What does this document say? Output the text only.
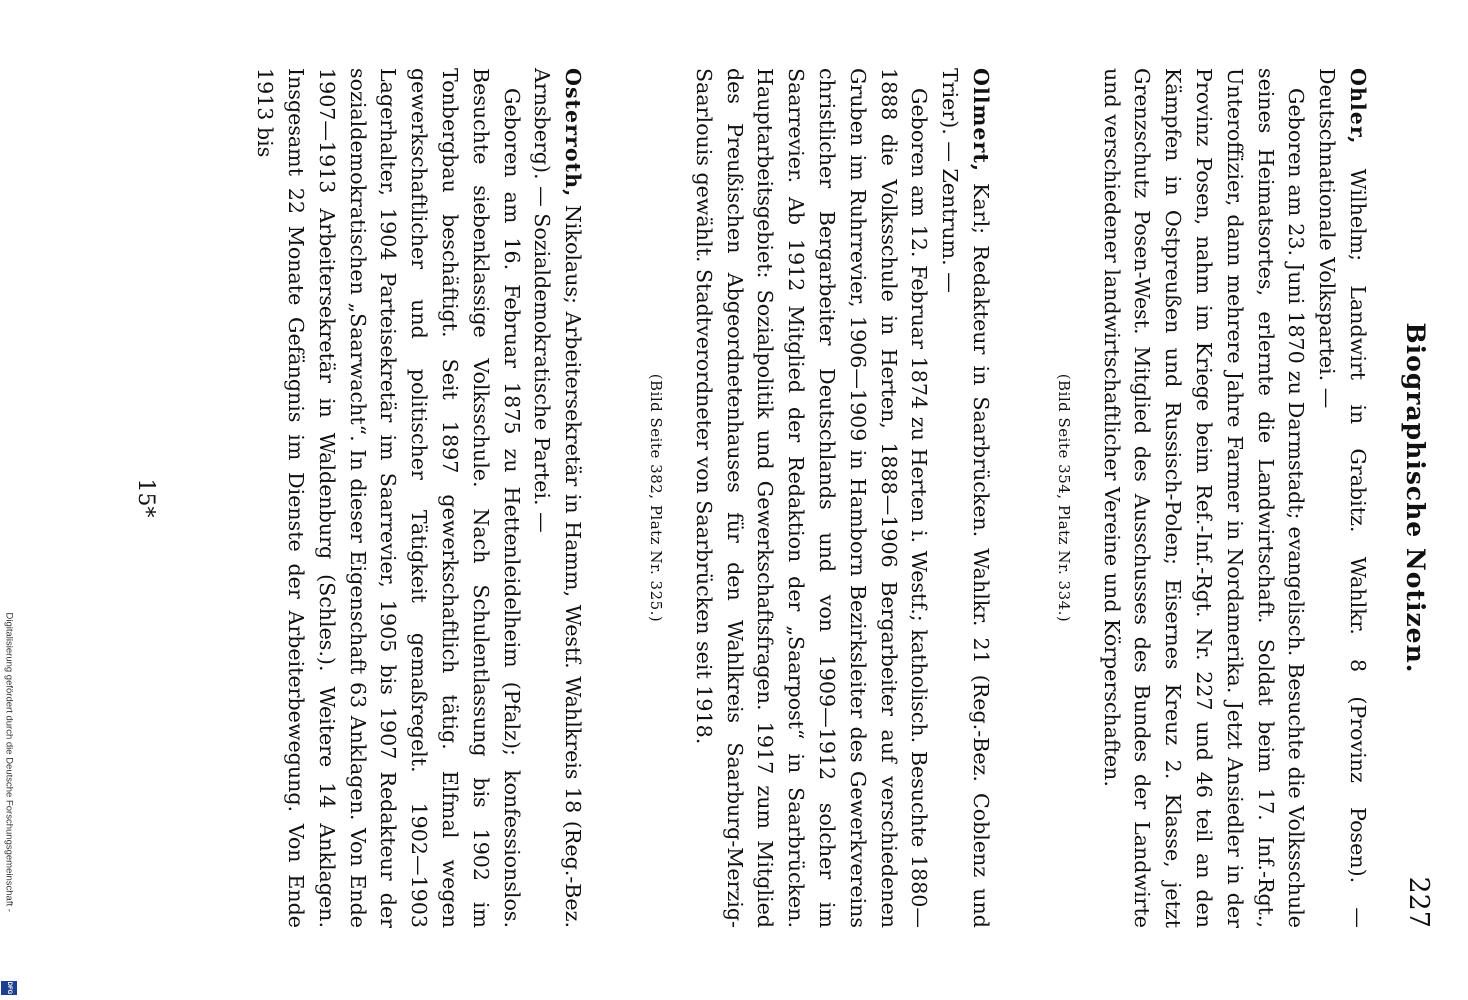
Biographische Notizen.
227

Ohler, Wilhelm; Landwirt in Grabitz. Wahlkr. 8 (Provinz Posen). — Deutschnationale Volkspartei. —

Geboren am 23. Juni 1870 zu Darmstadt; evangelisch. Besuchte die Volksschule seines Heimatsortes, erlernte die Landwirtschaft. Soldat beim 17. Inf.-Rgt., Unteroffizier, dann mehrere Jahre Farmer in Nordamerika. Jetzt Ansiedler in der Provinz Posen, nahm im Kriege beim Ref.-Inf.-Rgt. Nr. 227 und 46 teil an den Kämpfen in Ostpreußen und Russisch-Polen; Eisernes Kreuz 2. Klasse, jetzt Grenzschutz Posen-West. Mitglied des Ausschusses des Bundes der Landwirte und verschiedener landwirtschaftlicher Vereine und Körperschaften.

(Bild Seite 354, Platz Nr. 334.)

Ollmert, Karl; Redakteur in Saarbrücken. Wahlkr. 21 (Reg.-Bez. Coblenz und Trier). — Zentrum. —

Geboren am 12. Februar 1874 zu Herten i. Westf.; katholisch. Besuchte 1880—1888 die Volksschule in Herten, 1888—1906 Bergarbeiter auf verschiedenen Gruben im Ruhrrevier, 1906—1909 in Hamborn Bezirksleiter des Gewerkvereins christlicher Bergarbeiter Deutschlands und von 1909—1912 solcher im Saarrevier. Ab 1912 Mitglied der Redaktion der „Saarpost“ in Saarbrücken. Hauptarbeitsgebiet: Sozialpolitik und Gewerkschaftsfragen. 1917 zum Mitglied des Preußischen Abgeordnetenhauses für den Wahlkreis Saarburg-Merzig-Saarlouis gewählt. Stadtverordneter von Saarbrücken seit 1918.

(Bild Seite 382, Platz Nr. 325.)

Osterroth, Nikolaus; Arbeitersekretär in Hamm, Westf. Wahlkreis 18 (Reg.-Bez. Arnsberg). — Sozialdemokratische Partei. —

Geboren am 16. Februar 1875 zu Hettenleidelheim (Pfalz); konfessionslos. Besuchte siebenklassige Volksschule. Nach Schulentlassung bis 1902 im Tonbergbau beschäftigt. Seit 1897 gewerkschaftlich tätig. Elfmal wegen gewerkschaftlicher und politischer Tätigkeit gemaßregelt. 1902—1903 Lagerhalter, 1904 Parteisekretär im Saarrevier, 1905 bis 1907 Redakteur der sozialdemokratischen „Saarwacht“. In dieser Eigenschaft 63 Anklagen. Von Ende 1907—1913 Arbeitersekretär in Waldenburg (Schles.). Weitere 14 Anklagen. Insgesamt 22 Monate Gefängnis im Dienste der Arbeiterbewegung. Von Ende 1913 bis

15*
Digitalisierung gefördert durch die Deutsche Forschungsgemeinschaft -
DFG
